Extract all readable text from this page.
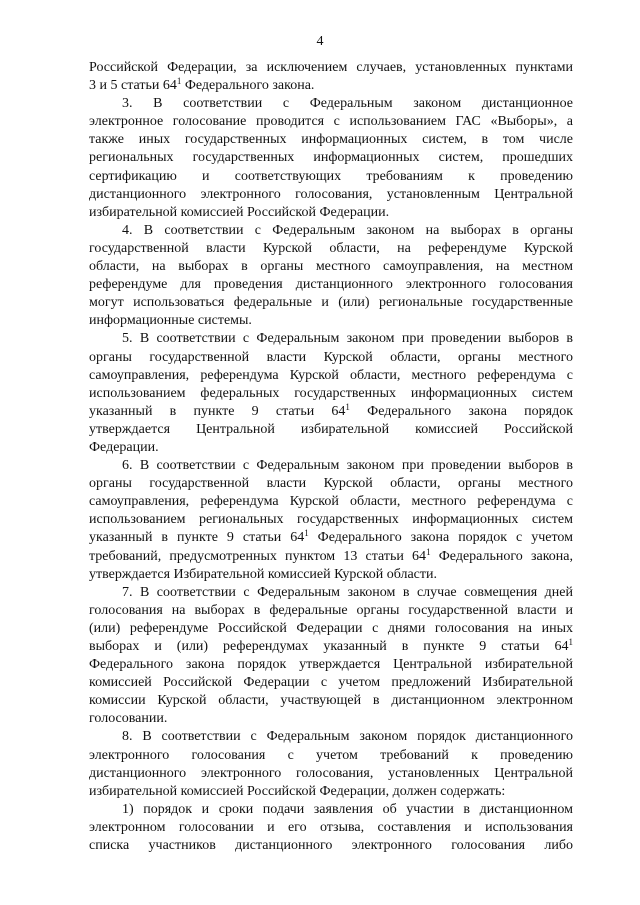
4
Российской Федерации, за исключением случаев, установленных пунктами
3 и 5 статьи $64^1$ Федерального закона.
3. В соответствии с Федеральным законом дистанционное
электронное голосование проводится с использованием ГАС «Выборы», а
также иных государственных информационных систем, в том числе
региональных государственных информационных систем, прошедших
сертификацию и соответствующих требованиям к проведению
дистанционного электронного голосования, установленным Центральной
избирательной комиссией Российской Федерации.
4. В соответствии с Федеральным законом на выборах в органы
государственной власти Курской области, на референдуме Курской
области, на выборах в органы местного самоуправления, на местном
референдуме для проведения дистанционного электронного голосования
могут использоваться федеральные и (или) региональные государственные
информационные системы.
5. В соответствии с Федеральным законом при проведении выборов в
органы государственной власти Курской области, органы местного
самоуправления, референдума Курской области, местного референдума с
использованием федеральных государственных информационных систем
указанный в пункте 9 статьи $64^1$ Федерального закона порядок
утверждается Центральной избирательной комиссией Российской
Федерации.
6. В соответствии с Федеральным законом при проведении выборов в
органы государственной власти Курской области, органы местного
самоуправления, референдума Курской области, местного референдума с
использованием региональных государственных информационных систем
указанный в пункте 9 статьи $64^1$ Федерального закона порядок с учетом
требований, предусмотренных пунктом 13 статьи $64^1$ Федерального закона,
утверждается Избирательной комиссией Курской области.
7. В соответствии с Федеральным законом в случае совмещения дней
голосования на выборах в федеральные органы государственной власти и
(или) референдуме Российской Федерации с днями голосования на иных
выборах и (или) референдумах указанный в пункте 9 статьи $64^1$
Федерального закона порядок утверждается Центральной избирательной
комиссией Российской Федерации с учетом предложений Избирательной
комиссии Курской области, участвующей в дистанционном электронном
голосовании.
8. В соответствии с Федеральным законом порядок дистанционного
электронного голосования с учетом требований к проведению
дистанционного электронного голосования, установленных Центральной
избирательной комиссией Российской Федерации, должен содержать:
1) порядок и сроки подачи заявления об участии в дистанционном
электронном голосовании и его отзыва, составления и использования
списка участников дистанционного электронного голосования либо
